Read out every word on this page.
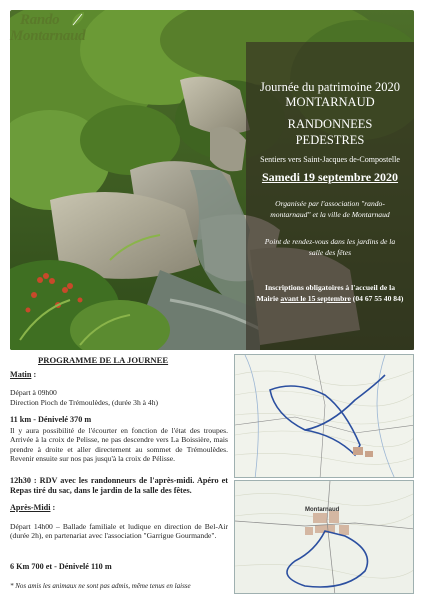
Rando
Montarnaud
Journée du patrimoine 2020
MONTARNAUD
RANDONNEES
PEDESTRES
Sentiers vers Saint-Jacques de-Compostelle
Samedi 19 septembre 2020
Organisée par l'association "rando-montarnaud" et la ville de Montarnaud
Point de rendez-vous dans les jardins de la salle des fêtes
Inscriptions obligatoires à l'accueil de la Mairie avant le 15 septembre (04 67 55 40 84)
PROGRAMME DE LA JOURNEE
Matin :
Départ à 09h00
Direction Pioch de Trémoulèdes, (durée 3h à 4h)
11 km - Dénivelé 370 m
Il y aura possibilité de l'écourter en fonction de l'état des troupes. Arrivée à la croix de Pelisse, ne pas descendre vers La Boissière, mais prendre à droite et aller directement au sommet de Trémoulèdes. Revenir ensuite sur nos pas jusqu'à la croix de Pélisse.
12h30 : RDV avec les randonneurs de l'après-midi. Apéro et Repas tiré du sac, dans le jardin de la salle des fêtes.
Après-Midi :
Départ 14h00 – Ballade familiale et ludique en direction de Bel-Air (durée 2h), en partenariat avec l'association "Garrigue Gourmande".
6 Km 700 et - Dénivelé 110 m
* Nos amis les animaux ne sont pas admis, même tenus en laisse
Montarnaud
